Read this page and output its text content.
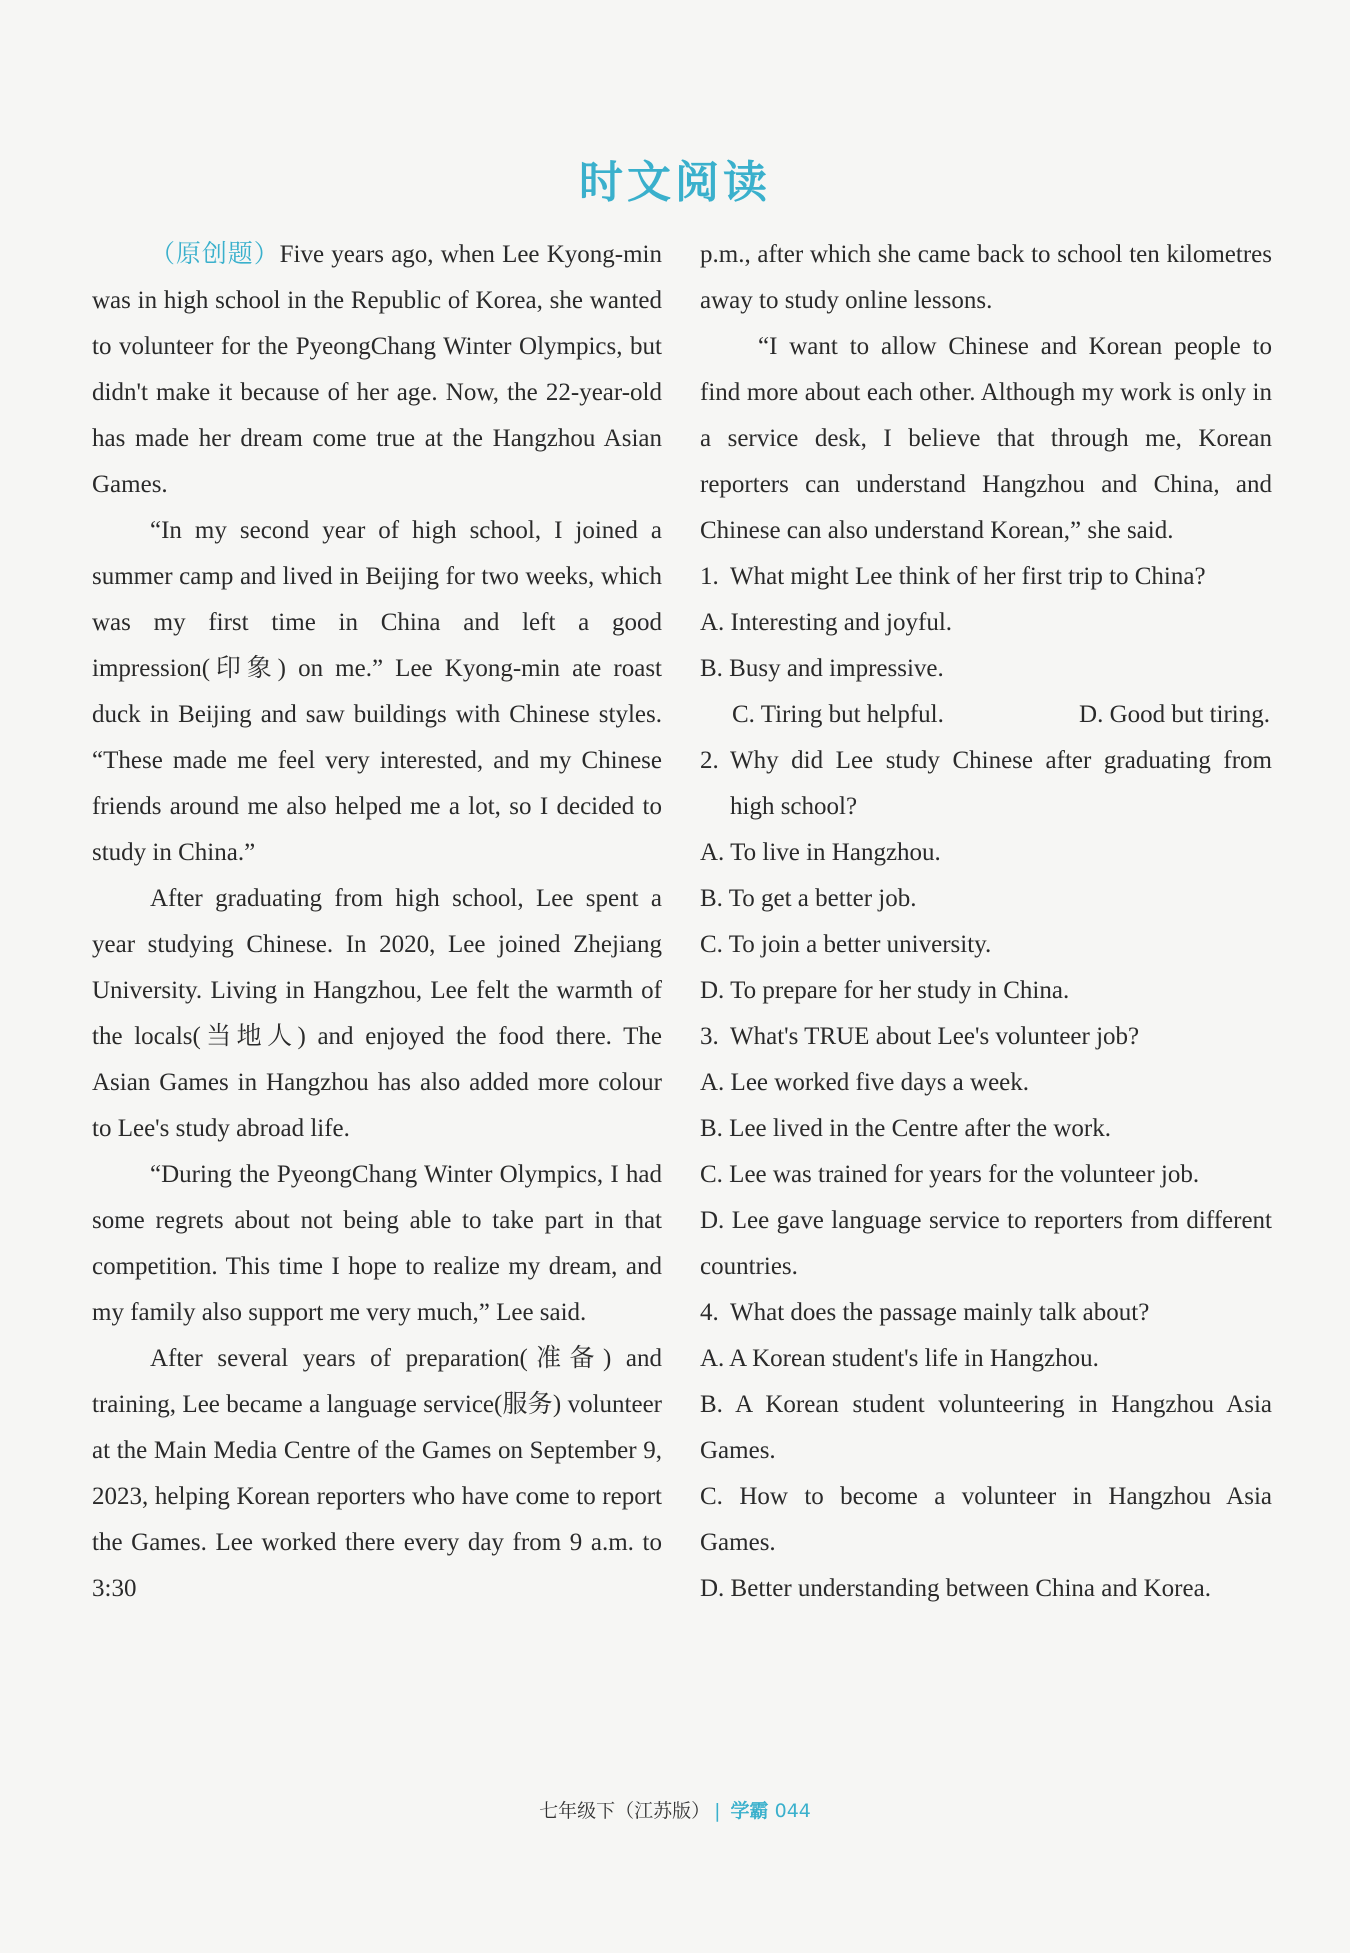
时文阅读

（原创题）Five years ago, when Lee Kyong-min was in high school in the Republic of Korea, she wanted to volunteer for the PyeongChang Winter Olympics, but didn't make it because of her age. Now, the 22-year-old has made her dream come true at the Hangzhou Asian Games.

“In my second year of high school, I joined a summer camp and lived in Beijing for two weeks, which was my first time in China and left a good impression(印象) on me.” Lee Kyong-min ate roast duck in Beijing and saw buildings with Chinese styles. “These made me feel very interested, and my Chinese friends around me also helped me a lot, so I decided to study in China.”

After graduating from high school, Lee spent a year studying Chinese. In 2020, Lee joined Zhejiang University. Living in Hangzhou, Lee felt the warmth of the locals(当地人) and enjoyed the food there. The Asian Games in Hangzhou has also added more colour to Lee's study abroad life.

“During the PyeongChang Winter Olympics, I had some regrets about not being able to take part in that competition. This time I hope to realize my dream, and my family also support me very much,” Lee said.

After several years of preparation(准备) and training, Lee became a language service(服务) volunteer at the Main Media Centre of the Games on September 9, 2023, helping Korean reporters who have come to report the Games. Lee worked there every day from 9 a.m. to 3:30

p.m., after which she came back to school ten kilometres away to study online lessons.

“I want to allow Chinese and Korean people to find more about each other. Although my work is only in a service desk, I believe that through me, Korean reporters can understand Hangzhou and China, and Chinese can also understand Korean,” she said.

1. What might Lee think of her first trip to China?

A. Interesting and joyful.

B. Busy and impressive.

C. Tiring but helpful.	D. Good but tiring.
2. Why did Lee study Chinese after graduating from high school?

A. To live in Hangzhou.

B. To get a better job.

C. To join a better university.

D. To prepare for her study in China.

3. What's TRUE about Lee's volunteer job?

A. Lee worked five days a week.

B. Lee lived in the Centre after the work.

C. Lee was trained for years for the volunteer job.

D. Lee gave language service to reporters from different countries.

4. What does the passage mainly talk about?

A. A Korean student's life in Hangzhou.

B. A Korean student volunteering in Hangzhou Asia Games.

C. How to become a volunteer in Hangzhou Asia Games.

D. Better understanding between China and Korea.

七年级下（江苏版） | 学霸 044
